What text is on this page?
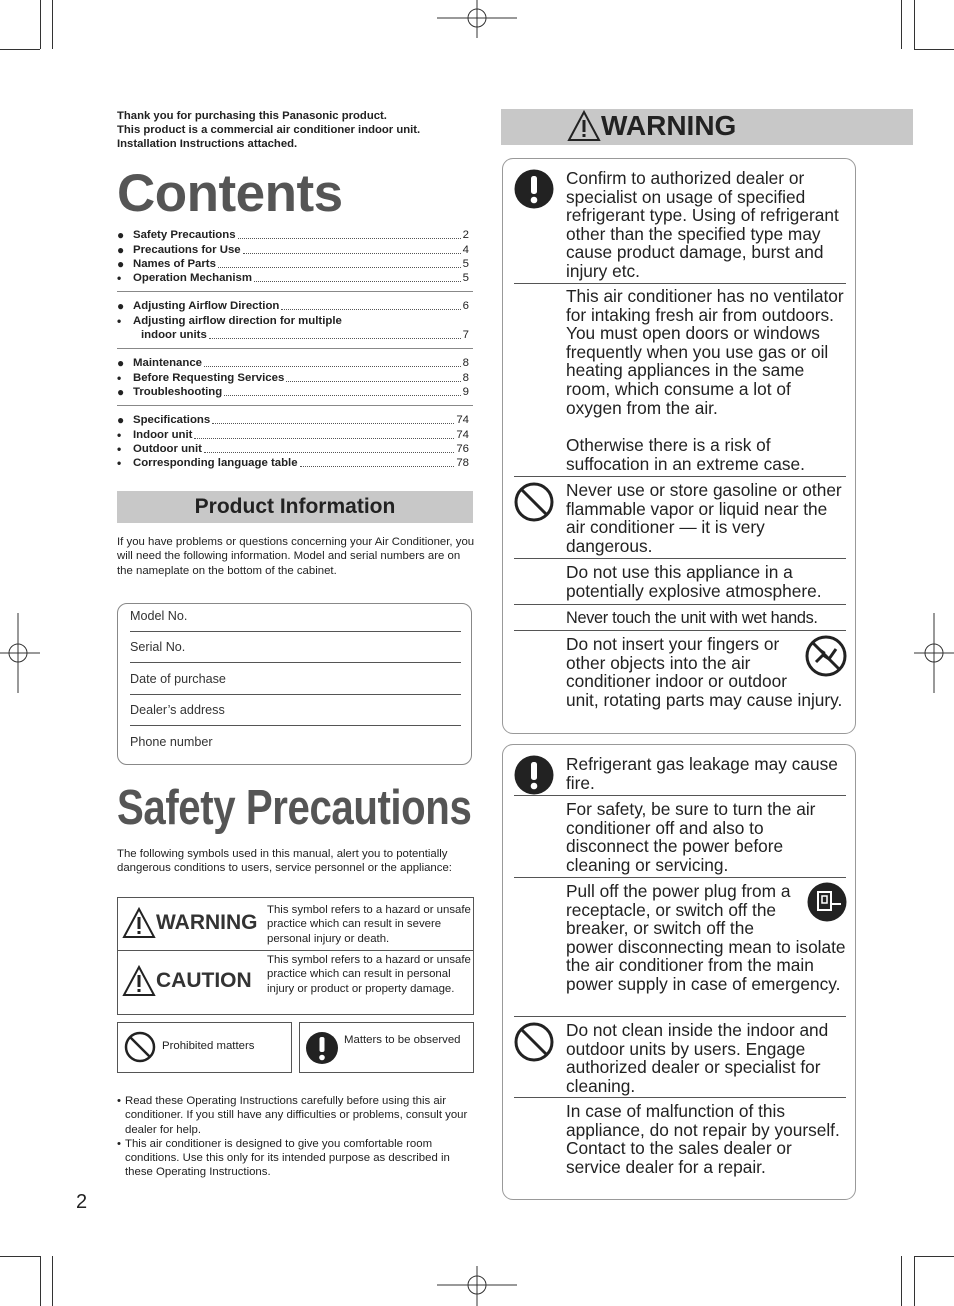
Thank you for purchasing this Panasonic product.
This product is a commercial air conditioner indoor unit.
Installation Instructions attached.
Contents
● Safety Precautions	2
● Precautions for Use	4
● Names of Parts	5
•	Operation Mechanism	5
● Adjusting Airflow Direction	6
•	Adjusting airflow direction for multiple
indoor units	7
● Maintenance	8
•	Before Requesting Services	8
● Troubleshooting	9
● Specifications	74
•	Indoor unit	74
•	Outdoor unit	76
•	Corresponding language table	78
Product Information
If you have problems or questions concerning your Air Conditioner, you will need the following information. Model and serial numbers are on the nameplate on the bottom of the cabinet.
Model No.
Serial No.
Date of purchase
Dealer’s address
Phone number
Safety Precautions
The following symbols used in this manual, alert you to potentially dangerous conditions to users, service personnel or the appliance:
WARNING
This symbol refers to a hazard or unsafe practice which can result in severe personal injury or death.
CAUTION
This symbol refers to a hazard or unsafe practice which can result in personal injury or product or property damage.
Prohibited matters	Matters to be observed
• Read these Operating Instructions carefully before using this air conditioner. If you still have any difficulties or problems, consult your dealer for help.
• This air conditioner is designed to give you comfortable room conditions. Use this only for its intended purpose as described in these Operating Instructions.
2
WARNING
Confirm to authorized dealer or specialist on usage of specified refrigerant type. Using of refrigerant other than the specified type may cause product damage, burst and injury etc.
This air conditioner has no ventilator for intaking fresh air from outdoors. You must open doors or windows frequently when you use gas or oil heating appliances in the same room, which consume a lot of oxygen from the air.
Otherwise there is a risk of suffocation in an extreme case.
Never use or store gasoline or other flammable vapor or liquid near the air conditioner — it is very dangerous.
Do not use this appliance in a potentially explosive atmosphere.
Never touch the unit with wet hands.
Do not insert your fingers or other objects into the air conditioner indoor or outdoor unit, rotating parts may cause injury.
Refrigerant gas leakage may cause fire.
For safety, be sure to turn the air conditioner off and also to disconnect the power before cleaning or servicing.
Pull off the power plug from a receptacle, or switch off the breaker, or switch off the power disconnecting mean to isolate the air conditioner from the main power supply in case of emergency.
Do not clean inside the indoor and outdoor units by users. Engage authorized dealer or specialist for cleaning.
In case of malfunction of this appliance, do not repair by yourself. Contact to the sales dealer or service dealer for a repair.
